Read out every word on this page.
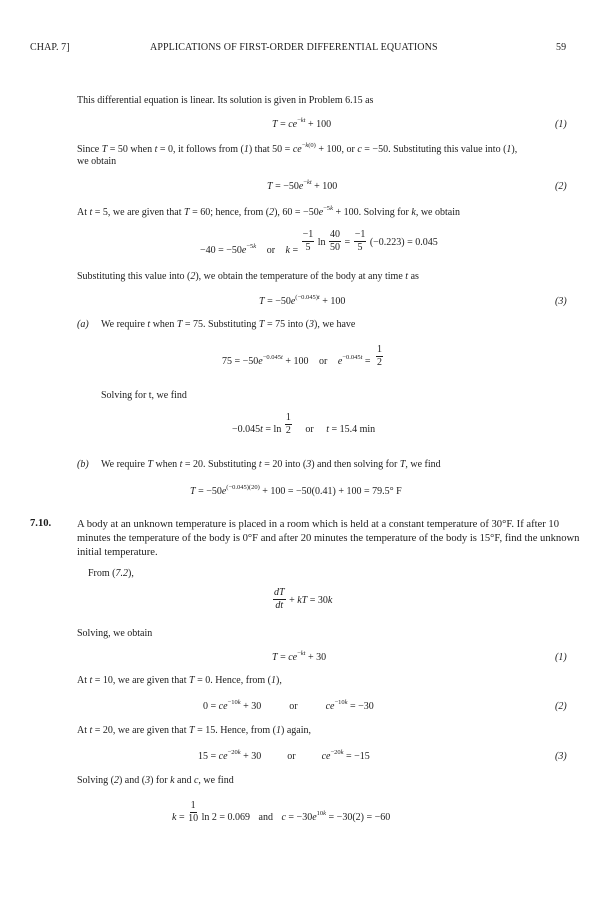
CHAP. 7]	APPLICATIONS OF FIRST-ORDER DIFFERENTIAL EQUATIONS	59
This differential equation is linear. Its solution is given in Problem 6.15 as
$T = ce^{-kt} + 100$	(1)
Since T = 50 when t = 0, it follows from (1) that $50 = ce^{-k(0)} + 100$, or c = −50. Substituting this value into (1),
we obtain
$T = -50e^{-kt} + 100$	(2)
At t = 5, we are given that T = 60; hence, from (2), $60 = -50e^{-5k} + 100$. Solving for k, we obtain
$-40 = -50e^{-5k}$ or $k = \frac{-1}{5}$ $\ln \frac{40}{50} = \frac{-1}{5} (-0.223) = 0.045$
Substituting this value into (2), we obtain the temperature of the body at any time t as
$T = -50e^{(-0.045)t} + 100$	(3)
(a) We require t when T = 75. Substituting T = 75 into (3), we have
$75 = -50e^{-0.045t} + 100$ or $e^{-0.045t} = \frac{1}{2}$
Solving for t, we find
$-0.045t = \ln \frac{1}{2}$ or t = 15.4 min
(b) We require T when t = 20. Substituting t = 20 into (3) and then solving for T, we find
$T = -50e^{(-0.045)(20)} + 100 = -50(0.41) + 100 = 79.5^\circ$ F
7.10. A body at an unknown temperature is placed in a room which is held at a constant temperature of 30°F. If after 10 minutes the temperature of the body is 0°F and after 20 minutes the temperature of the body is 15°F, find the unknown initial temperature.
From (7.2),
$\frac{dT}{dt}$ + kT = 30k
Solving, we obtain
$T = ce^{-kt} + 30$	(1)
At t = 10, we are given that T = 0. Hence, from (1),
$0 = ce^{-10k} + 30$	or	$ce^{-10k} = -30$	(2)
At t = 20, we are given that T = 15. Hence, from (1) again,
$15 = ce^{-20k} + 30$	or	$ce^{-20k} = -15$	(3)
Solving (2) and (3) for k and c, we find
$k = \frac{1}{10}$ ln 2 = 0.069 and $c = -30e^{10k} = -30(2) = -60$
